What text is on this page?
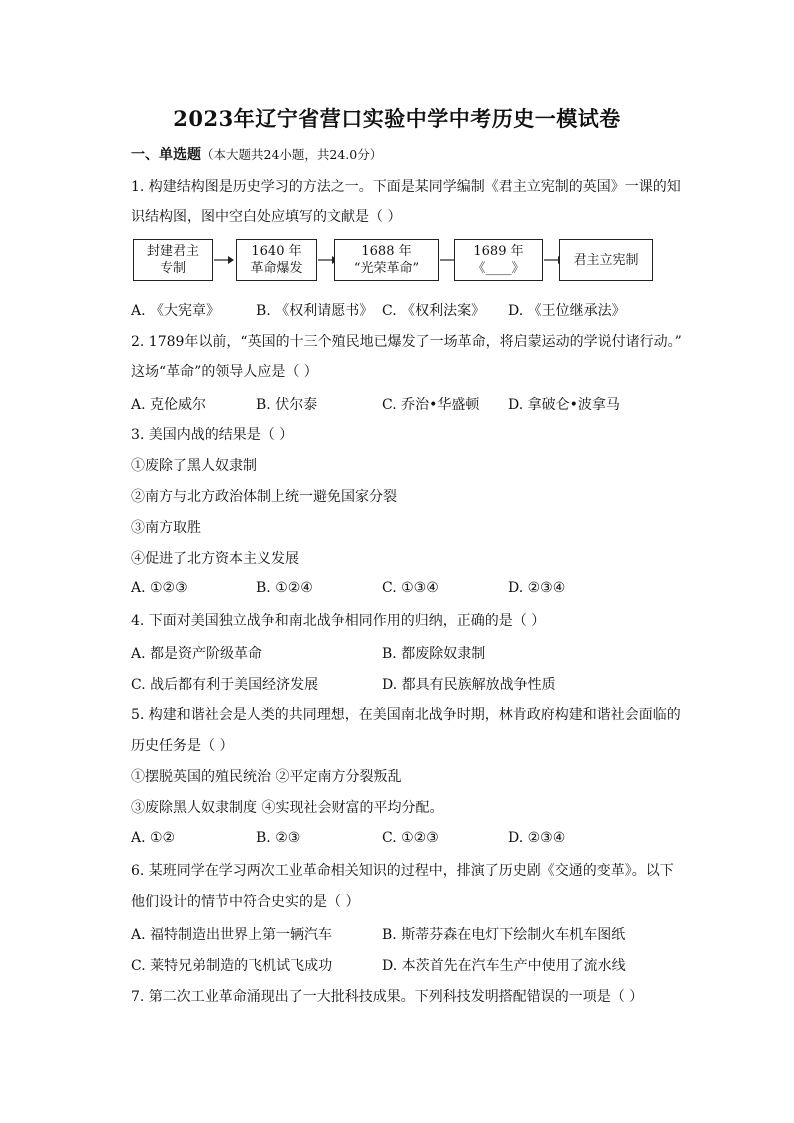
2023年辽宁省营口实验中学中考历史一模试卷
一、单选题（本大题共24小题，共24.0分）
1. 构建结构图是历史学习的方法之一。下面是某同学编制《君主立宪制的英国》一课的知
识结构图，图中空白处应填写的文献是（ ）
封建君主
专制
1640 年
革命爆发
1688 年
“光荣革命”
1689 年
《____》
君主立宪制
A. 《大宪章》	B. 《权利请愿书》 C. 《权利法案》 D. 《王位继承法》
2. 1789年以前，“英国的十三个殖民地已爆发了一场革命，将启蒙运动的学说付诸行动。”
这场“革命”的领导人应是（ ）
A. 克伦威尔	B. 伏尔泰	C. 乔治•华盛顿 D. 拿破仑•波拿马
3. 美国内战的结果是（ ）
①废除了黑人奴隶制
②南方与北方政治体制上统一避免国家分裂
③南方取胜
④促进了北方资本主义发展
A. ①②③	B. ①②④	C. ①③④	D. ②③④
4. 下面对美国独立战争和南北战争相同作用的归纳，正确的是（ ）
A. 都是资产阶级革命	B. 都废除奴隶制
C. 战后都有利于美国经济发展	D. 都具有民族解放战争性质
5. 构建和谐社会是人类的共同理想，在美国南北战争时期，林肯政府构建和谐社会面临的
历史任务是（ ）
①摆脱英国的殖民统治 ②平定南方分裂叛乱
③废除黑人奴隶制度 ④实现社会财富的平均分配。
A. ①②	B. ②③	C. ①②③	D. ②③④
6. 某班同学在学习两次工业革命相关知识的过程中，排演了历史剧《交通的变革》。以下
他们设计的情节中符合史实的是（ ）
A. 福特制造出世界上第一辆汽车	B. 斯蒂芬森在电灯下绘制火车机车图纸
C. 莱特兄弟制造的飞机试飞成功	D. 本茨首先在汽车生产中使用了流水线
7. 第二次工业革命涌现出了一大批科技成果。下列科技发明搭配错误的一项是（ ）
